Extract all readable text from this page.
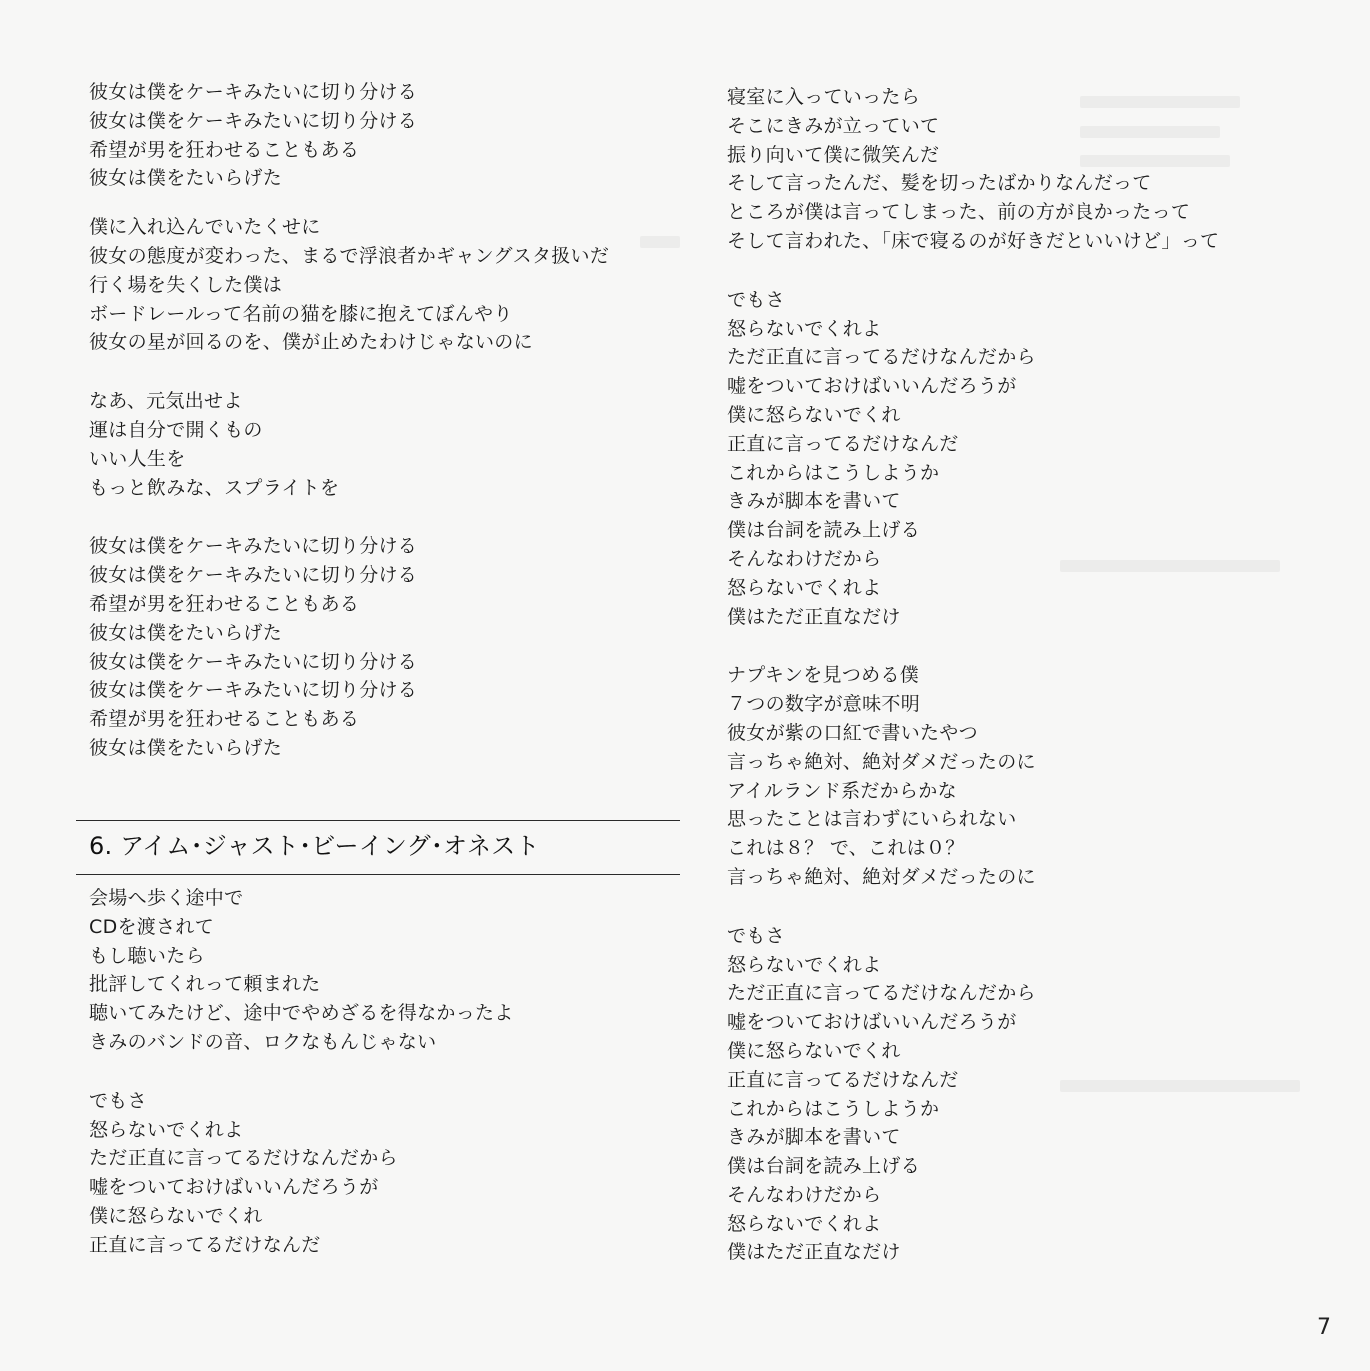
彼女は僕をケーキみたいに切り分ける
彼女は僕をケーキみたいに切り分ける
希望が男を狂わせることもある
彼女は僕をたいらげた
僕に入れ込んでいたくせに
彼女の態度が変わった、まるで浮浪者かギャングスタ扱いだ
行く場を失くした僕は
ボードレールって名前の猫を膝に抱えてぼんやり
彼女の星が回るのを、僕が止めたわけじゃないのに
なあ、元気出せよ
運は自分で開くもの
いい人生を
もっと飲みな、スプライトを
彼女は僕をケーキみたいに切り分ける
彼女は僕をケーキみたいに切り分ける
希望が男を狂わせることもある
彼女は僕をたいらげた
彼女は僕をケーキみたいに切り分ける
彼女は僕をケーキみたいに切り分ける
希望が男を狂わせることもある
彼女は僕をたいらげた
6. アイム･ジャスト･ビーイング･オネスト
会場へ歩く途中で
CDを渡されて
もし聴いたら
批評してくれって頼まれた
聴いてみたけど、途中でやめざるを得なかったよ
きみのバンドの音、ロクなもんじゃない
でもさ
怒らないでくれよ
ただ正直に言ってるだけなんだから
嘘をついておけばいいんだろうが
僕に怒らないでくれ
正直に言ってるだけなんだ
寝室に入っていったら
そこにきみが立っていて
振り向いて僕に微笑んだ
そして言ったんだ、髪を切ったばかりなんだって
ところが僕は言ってしまった、前の方が良かったって
そして言われた、「床で寝るのが好きだといいけど」って
でもさ
怒らないでくれよ
ただ正直に言ってるだけなんだから
嘘をついておけばいいんだろうが
僕に怒らないでくれ
正直に言ってるだけなんだ
これからはこうしようか
きみが脚本を書いて
僕は台詞を読み上げる
そんなわけだから
怒らないでくれよ
僕はただ正直なだけ
ナプキンを見つめる僕
７つの数字が意味不明
彼女が紫の口紅で書いたやつ
言っちゃ絶対、絶対ダメだったのに
アイルランド系だからかな
思ったことは言わずにいられない
これは８？ で、これは０？
言っちゃ絶対、絶対ダメだったのに
でもさ
怒らないでくれよ
ただ正直に言ってるだけなんだから
嘘をついておけばいいんだろうが
僕に怒らないでくれ
正直に言ってるだけなんだ
これからはこうしようか
きみが脚本を書いて
僕は台詞を読み上げる
そんなわけだから
怒らないでくれよ
僕はただ正直なだけ
7
